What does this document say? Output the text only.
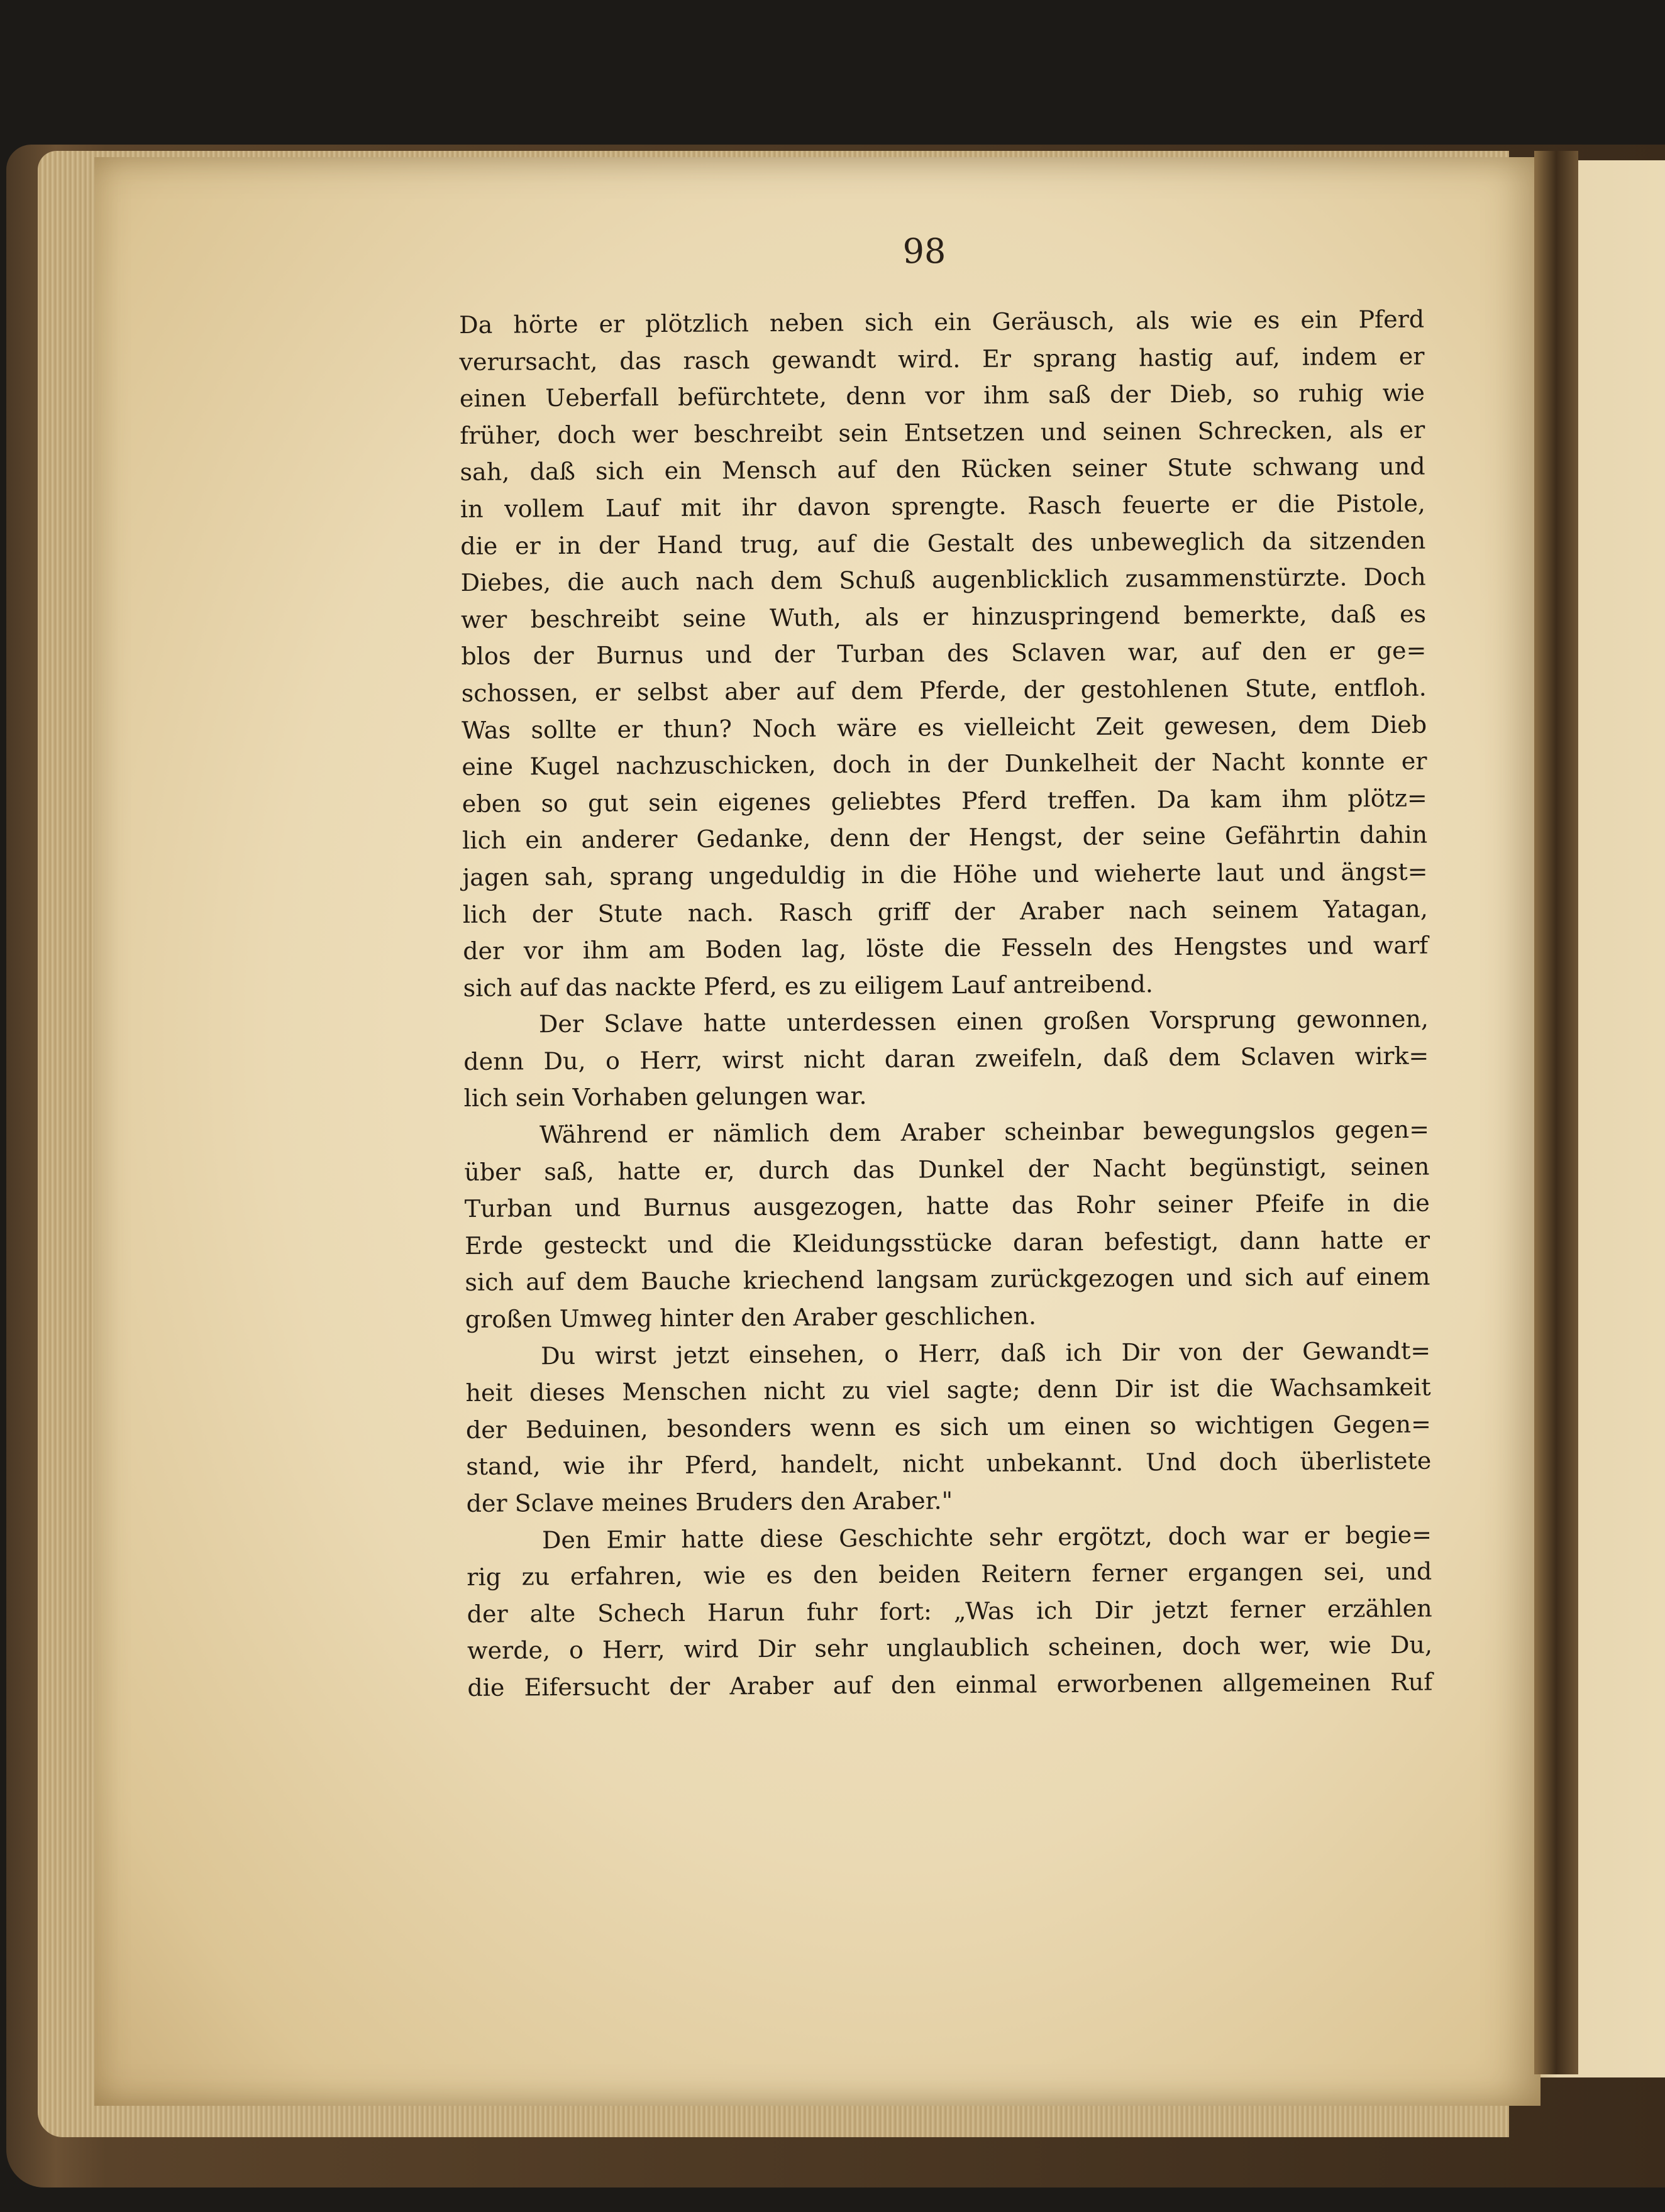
98
Da hörte er plötzlich neben sich ein Geräusch, als wie es ein Pferd
verursacht, das rasch gewandt wird. Er sprang hastig auf, indem er
einen Ueberfall befürchtete, denn vor ihm saß der Dieb, so ruhig wie
früher, doch wer beschreibt sein Entsetzen und seinen Schrecken, als er
sah, daß sich ein Mensch auf den Rücken seiner Stute schwang und
in vollem Lauf mit ihr davon sprengte. Rasch feuerte er die Pistole,
die er in der Hand trug, auf die Gestalt des unbeweglich da sitzenden
Diebes, die auch nach dem Schuß augenblicklich zusammenstürzte. Doch
wer beschreibt seine Wuth, als er hinzuspringend bemerkte, daß es
blos der Burnus und der Turban des Sclaven war, auf den er ge=
schossen, er selbst aber auf dem Pferde, der gestohlenen Stute, entfloh.
Was sollte er thun? Noch wäre es vielleicht Zeit gewesen, dem Dieb
eine Kugel nachzuschicken, doch in der Dunkelheit der Nacht konnte er
eben so gut sein eigenes geliebtes Pferd treffen. Da kam ihm plötz=
lich ein anderer Gedanke, denn der Hengst, der seine Gefährtin dahin
jagen sah, sprang ungeduldig in die Höhe und wieherte laut und ängst=
lich der Stute nach. Rasch griff der Araber nach seinem Yatagan,
der vor ihm am Boden lag, löste die Fesseln des Hengstes und warf
sich auf das nackte Pferd, es zu eiligem Lauf antreibend.
Der Sclave hatte unterdessen einen großen Vorsprung gewonnen,
denn Du, o Herr, wirst nicht daran zweifeln, daß dem Sclaven wirk=
lich sein Vorhaben gelungen war.
Während er nämlich dem Araber scheinbar bewegungslos gegen=
über saß, hatte er, durch das Dunkel der Nacht begünstigt, seinen
Turban und Burnus ausgezogen, hatte das Rohr seiner Pfeife in die
Erde gesteckt und die Kleidungsstücke daran befestigt, dann hatte er
sich auf dem Bauche kriechend langsam zurückgezogen und sich auf einem
großen Umweg hinter den Araber geschlichen.
Du wirst jetzt einsehen, o Herr, daß ich Dir von der Gewandt=
heit dieses Menschen nicht zu viel sagte; denn Dir ist die Wachsamkeit
der Beduinen, besonders wenn es sich um einen so wichtigen Gegen=
stand, wie ihr Pferd, handelt, nicht unbekannt. Und doch überlistete
der Sclave meines Bruders den Araber."
Den Emir hatte diese Geschichte sehr ergötzt, doch war er begie=
rig zu erfahren, wie es den beiden Reitern ferner ergangen sei, und
der alte Schech Harun fuhr fort: „Was ich Dir jetzt ferner erzählen
werde, o Herr, wird Dir sehr unglaublich scheinen, doch wer, wie Du,
die Eifersucht der Araber auf den einmal erworbenen allgemeinen Ruf
